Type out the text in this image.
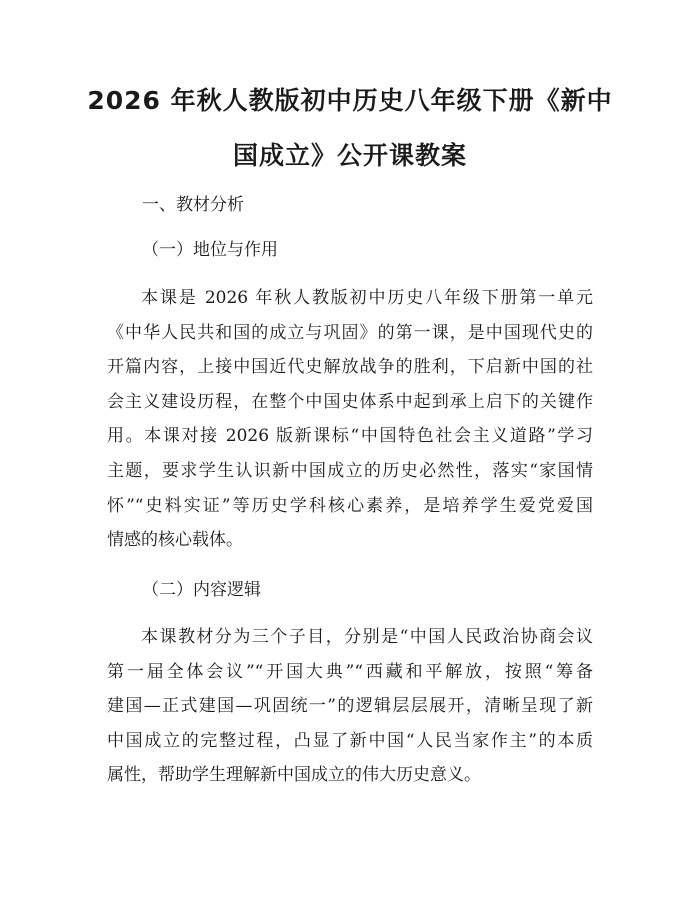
2026 年秋人教版初中历史八年级下册《新中
国成立》公开课教案
一、教材分析
（一）地位与作用
本课是 2026 年秋人教版初中历史八年级下册第一单元
《中华人民共和国的成立与巩固》的第一课，是中国现代史的
开篇内容，上接中国近代史解放战争的胜利，下启新中国的社
会主义建设历程，在整个中国史体系中起到承上启下的关键作
用。本课对接 2026 版新课标“中国特色社会主义道路”学习
主题，要求学生认识新中国成立的历史必然性，落实“家国情
怀”“史料实证”等历史学科核心素养，是培养学生爱党爱国
情感的核心载体。
（二）内容逻辑
本课教材分为三个子目，分别是“中国人民政治协商会议
第一届全体会议”“开国大典”“西藏和平解放，按照“筹备
建国—正式建国—巩固统一”的逻辑层层展开，清晰呈现了新
中国成立的完整过程，凸显了新中国“人民当家作主”的本质
属性，帮助学生理解新中国成立的伟大历史意义。
